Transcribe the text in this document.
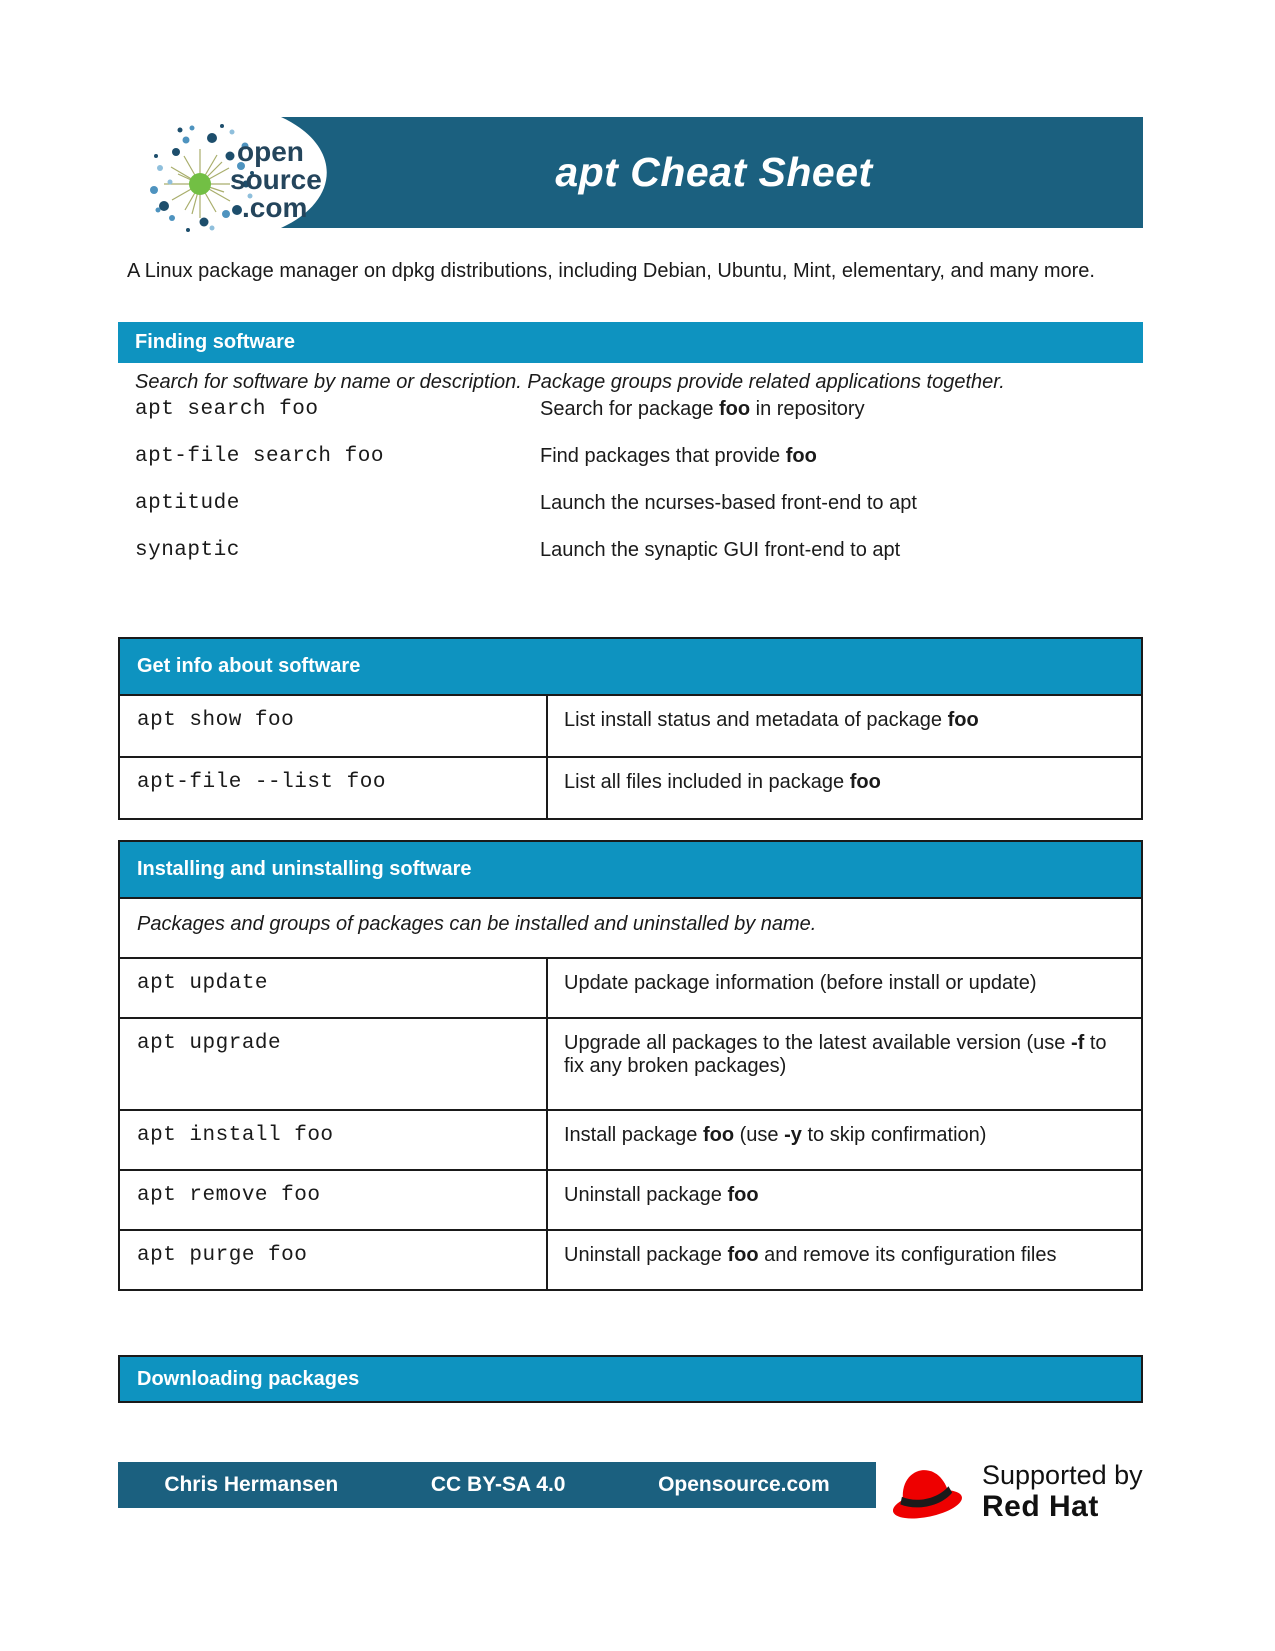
apt Cheat Sheet
open
source
.com
A Linux package manager on dpkg distributions, including Debian, Ubuntu, Mint, elementary, and many more.
Finding software
Search for software by name or description. Package groups provide related applications together.
apt search foo	Search for package foo in repository
apt-file search foo	Find packages that provide foo
aptitude	Launch the ncurses-based front-end to apt
synaptic	Launch the synaptic GUI front-end to apt
Get info about software
apt show foo	List install status and metadata of package foo
apt-file --list foo	List all files included in package foo
Installing and uninstalling software
Packages and groups of packages can be installed and uninstalled by name.
apt update	Update package information (before install or update)
apt upgrade	Upgrade all packages to the latest available version (use -f to fix any broken packages)
apt install foo	Install package foo (use -y to skip confirmation)
apt remove foo	Uninstall package foo
apt purge foo	Uninstall package foo and remove its configuration files
Downloading packages
Chris Hermansen	CC BY-SA 4.0	Opensource.com	Supported by
Red Hat
